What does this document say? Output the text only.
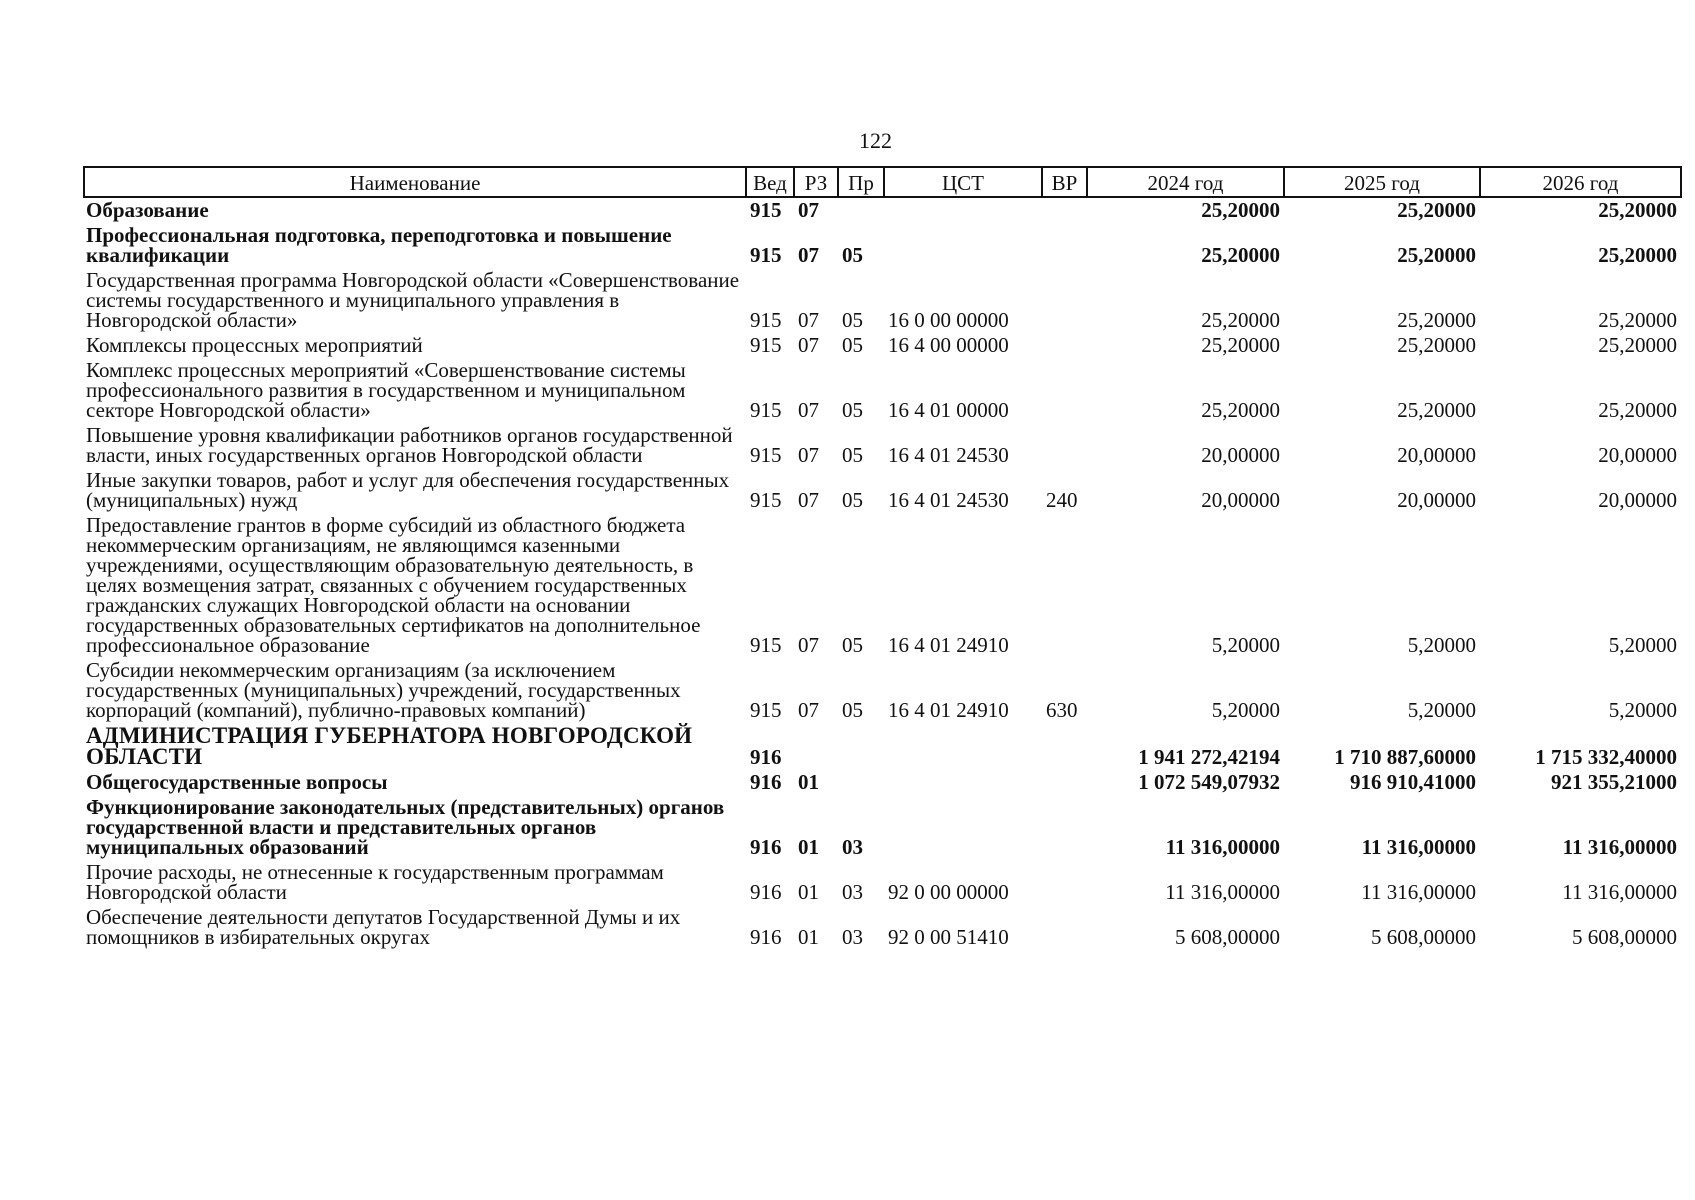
122
Наименование	Вед	РЗ	Пр	ЦСТ	ВР	2024 год	2025 год	2026 год
Образование	915	07				25,20000	25,20000	25,20000
Профессиональная подготовка, переподготовка и повышение квалификации	915	07	05			25,20000	25,20000	25,20000
Государственная программа Новгородской области «Совершенствование системы государственного и муниципального управления в Новгородской области»	915	07	05	16 0 00 00000		25,20000	25,20000	25,20000
Комплексы процессных мероприятий	915	07	05	16 4 00 00000		25,20000	25,20000	25,20000
Комплекс процессных мероприятий «Совершенствование системы профессионального развития в государственном и муниципальном секторе Новгородской области»	915	07	05	16 4 01 00000		25,20000	25,20000	25,20000
Повышение уровня квалификации работников органов государственной власти, иных государственных органов Новгородской области	915	07	05	16 4 01 24530		20,00000	20,00000	20,00000
Иные закупки товаров, работ и услуг для обеспечения государственных (муниципальных) нужд	915	07	05	16 4 01 24530	240	20,00000	20,00000	20,00000
Предоставление грантов в форме субсидий из областного бюджета некоммерческим организациям, не являющимся казенными учреждениями, осуществляющим образовательную деятельность, в целях возмещения затрат, связанных с обучением государственных гражданских служащих Новгородской области на основании государственных образовательных сертификатов на дополнительное профессиональное образование	915	07	05	16 4 01 24910		5,20000	5,20000	5,20000
Субсидии некоммерческим организациям (за исключением государственных (муниципальных) учреждений, государственных корпораций (компаний), публично-правовых компаний)	915	07	05	16 4 01 24910	630	5,20000	5,20000	5,20000
АДМИНИСТРАЦИЯ ГУБЕРНАТОРА НОВГОРОДСКОЙ ОБЛАСТИ	916					1 941 272,42194	1 710 887,60000	1 715 332,40000
Общегосударственные вопросы	916	01				1 072 549,07932	916 910,41000	921 355,21000
Функционирование законодательных (представительных) органов государственной власти и представительных органов муниципальных образований	916	01	03			11 316,00000	11 316,00000	11 316,00000
Прочие расходы, не отнесенные к государственным программам Новгородской области	916	01	03	92 0 00 00000		11 316,00000	11 316,00000	11 316,00000
Обеспечение деятельности депутатов Государственной Думы и их помощников в избирательных округах	916	01	03	92 0 00 51410		5 608,00000	5 608,00000	5 608,00000
